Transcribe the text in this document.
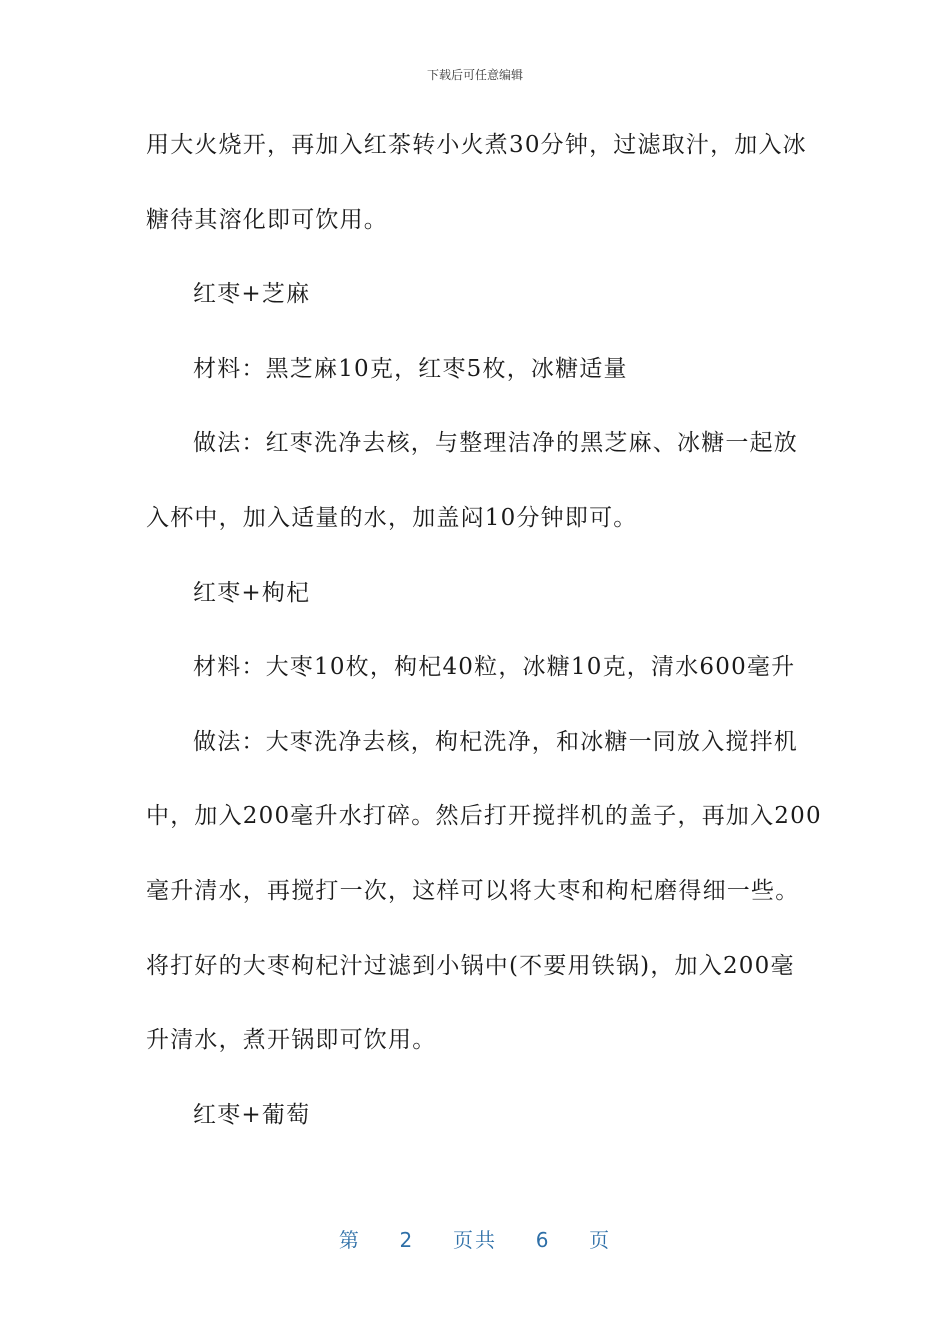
下载后可任意编辑
用大火烧开，再加入红茶转小火煮30分钟，过滤取汁，加入冰
糖待其溶化即可饮用。
红枣+芝麻
材料：黑芝麻10克，红枣5枚，冰糖适量
做法：红枣洗净去核，与整理洁净的黑芝麻、冰糖一起放
入杯中，加入适量的水，加盖闷10分钟即可。
红枣+枸杞
材料：大枣10枚，枸杞40粒，冰糖10克，清水600毫升
做法：大枣洗净去核，枸杞洗净，和冰糖一同放入搅拌机
中，加入200毫升水打碎。然后打开搅拌机的盖子，再加入200
毫升清水，再搅打一次，这样可以将大枣和枸杞磨得细一些。
将打好的大枣枸杞汁过滤到小锅中(不要用铁锅)，加入200毫
升清水，煮开锅即可饮用。
红枣+葡萄
第 2 页共 6 页
